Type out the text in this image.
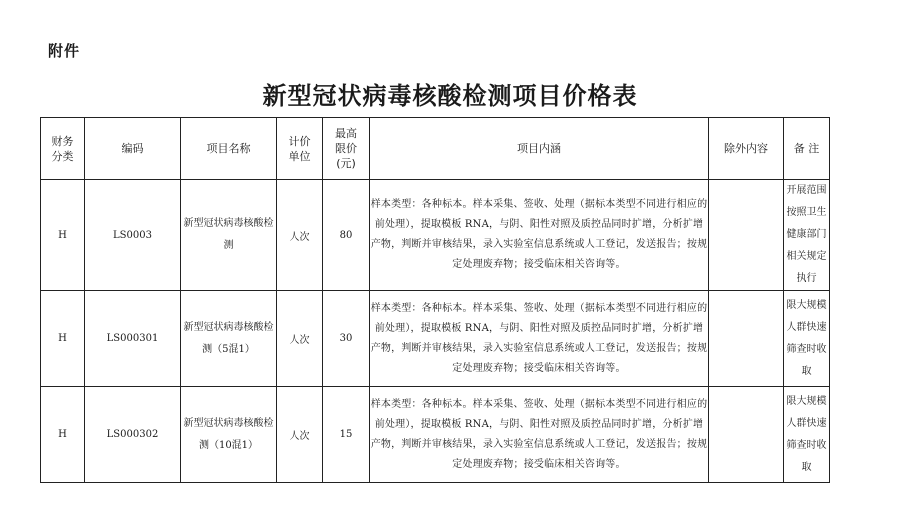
附件
新型冠状病毒核酸检测项目价格表
财务分类	编码	项目名称	计价单位	最高限价(元)	项目内涵	除外内容	备 注
H	LS0003	新型冠状病毒核酸检测	人次	80	样本类型：各种标本。样本采集、签收、处理（据标本类型不同进行相应的前处理），提取模板 RNA，与阴、阳性对照及质控品同时扩增，分析扩增产物，判断并审核结果，录入实验室信息系统或人工登记，发送报告；按规定处理废弃物；接受临床相关咨询等。		开展范围按照卫生健康部门相关规定执行
H	LS000301	新型冠状病毒核酸检测（5混1）	人次	30	样本类型：各种标本。样本采集、签收、处理（据标本类型不同进行相应的前处理），提取模板 RNA，与阴、阳性对照及质控品同时扩增，分析扩增产物，判断并审核结果，录入实验室信息系统或人工登记，发送报告；按规定处理废弃物；接受临床相关咨询等。		限大规模人群快速筛查时收取
H	LS000302	新型冠状病毒核酸检测（10混1）	人次	15	样本类型：各种标本。样本采集、签收、处理（据标本类型不同进行相应的前处理），提取模板 RNA，与阴、阳性对照及质控品同时扩增，分析扩增产物，判断并审核结果，录入实验室信息系统或人工登记，发送报告；按规定处理废弃物；接受临床相关咨询等。		限大规模人群快速筛查时收取
